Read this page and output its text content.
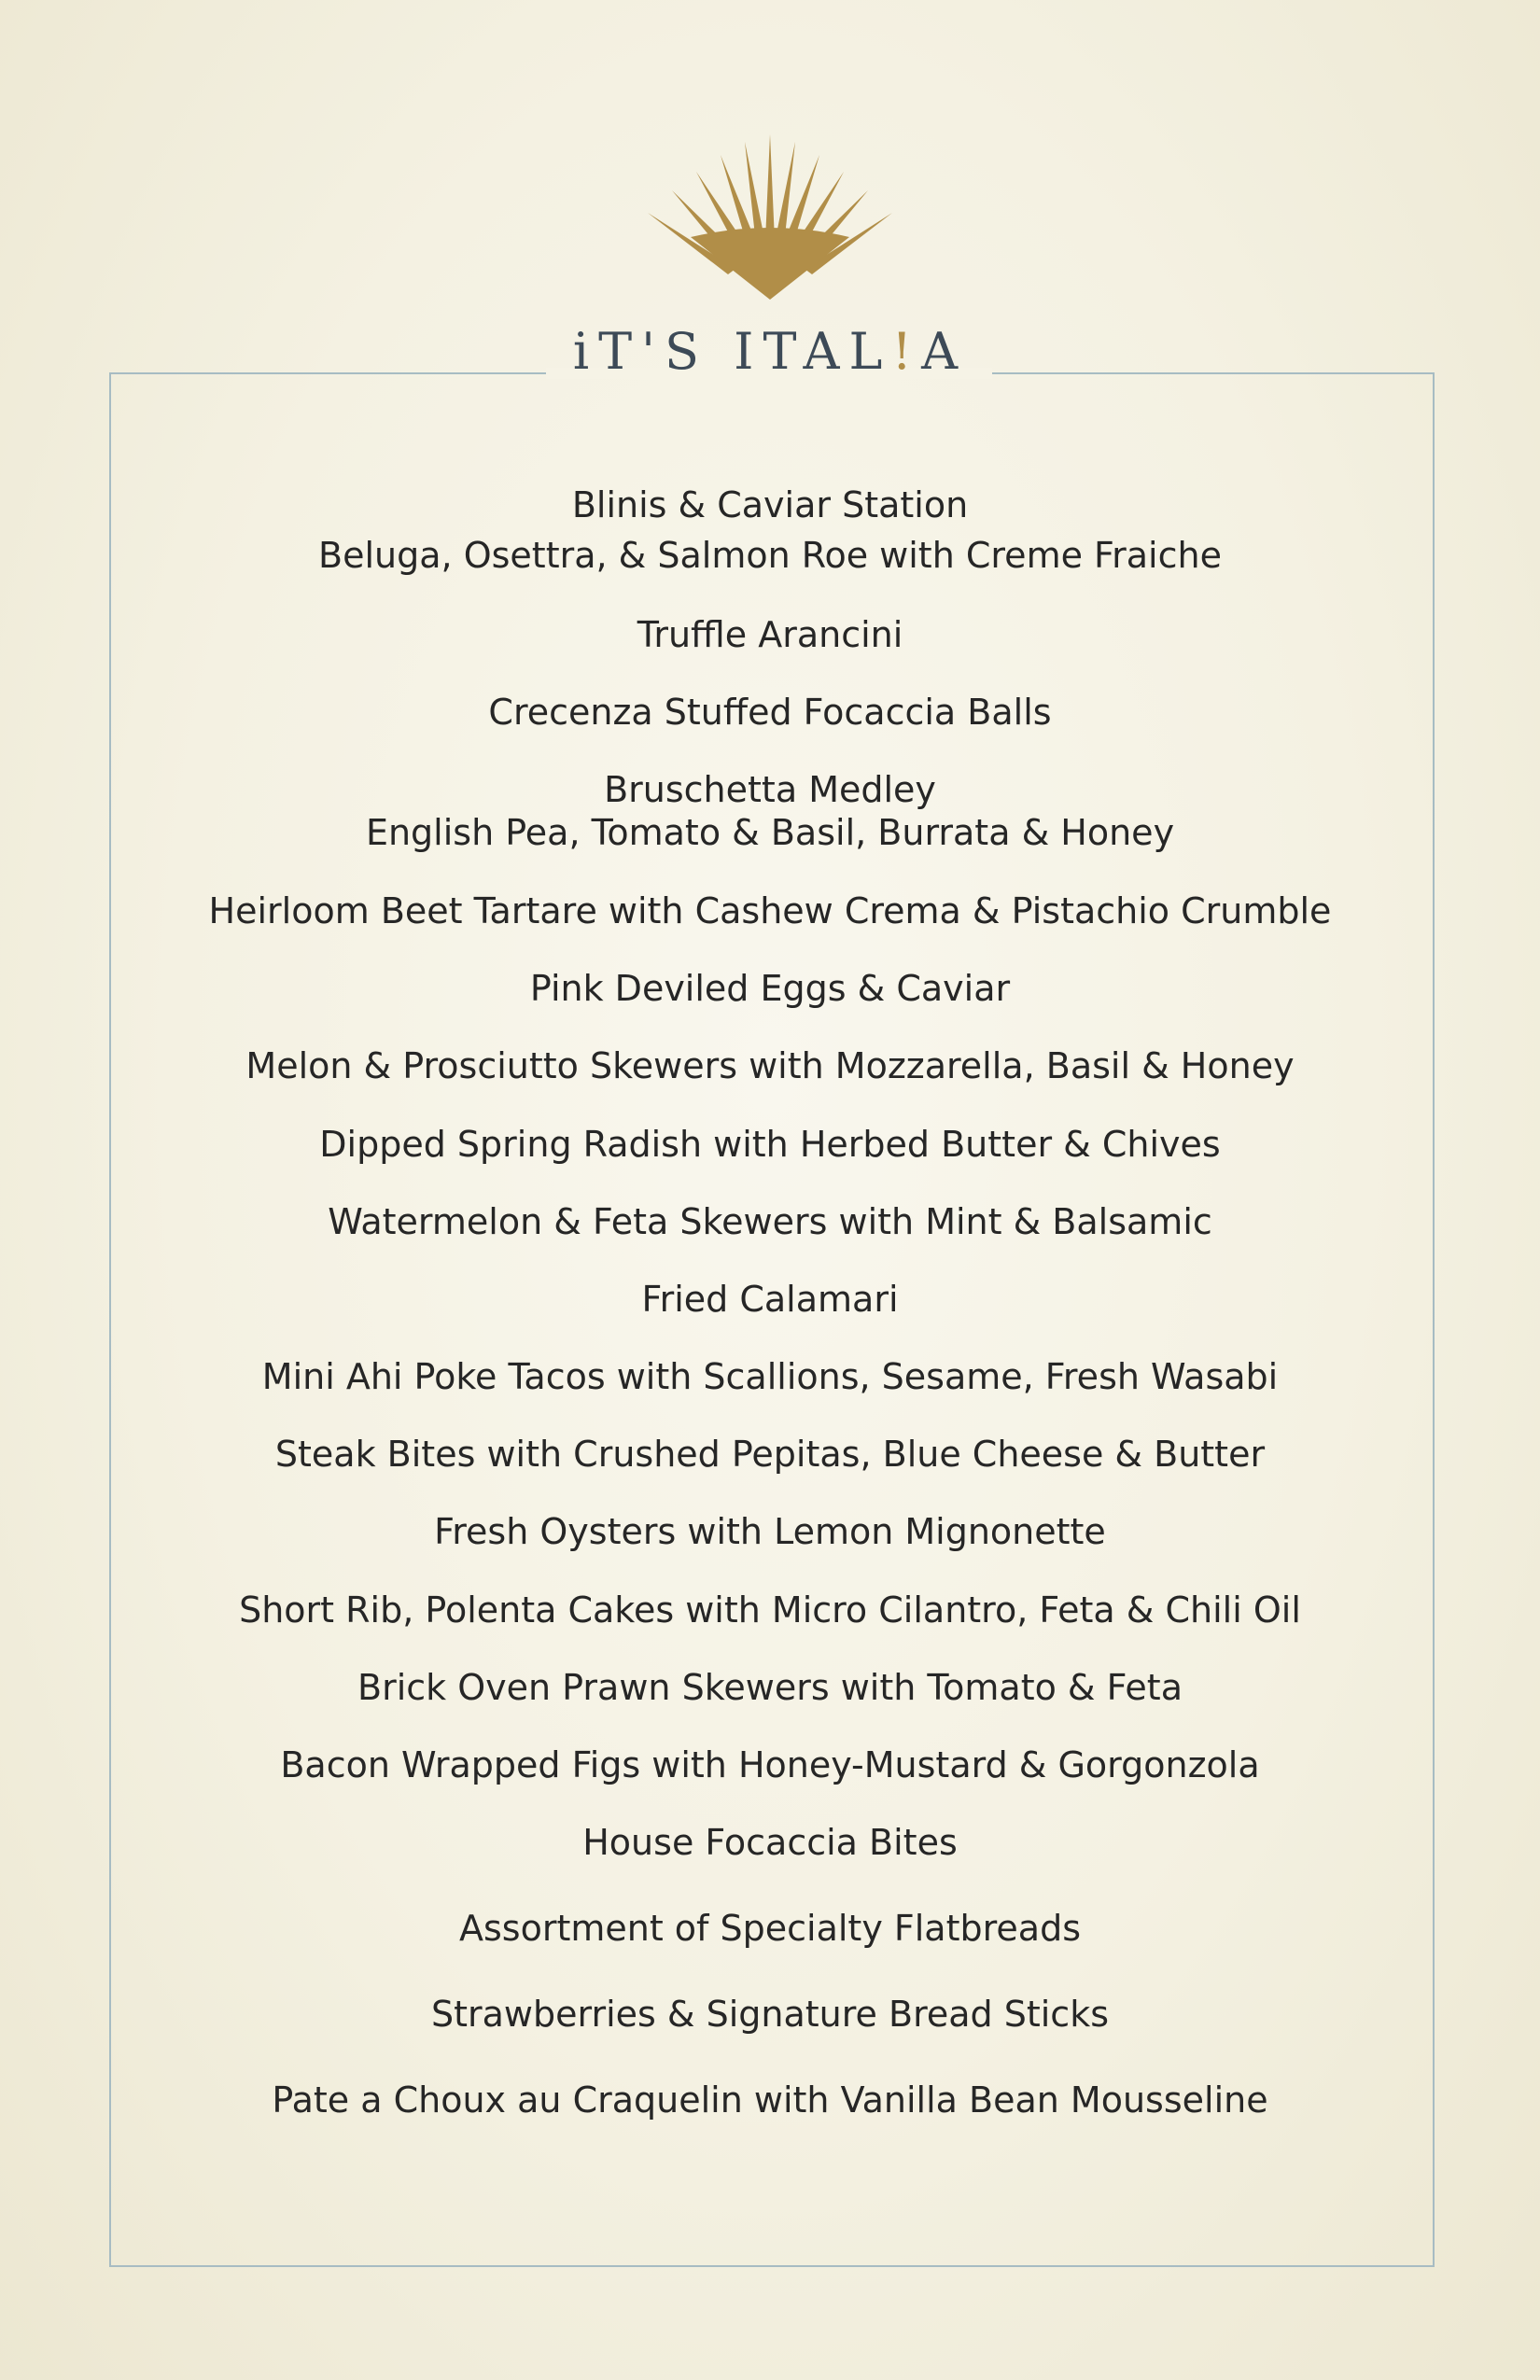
iT'S ITAL!A
Blinis & Caviar Station
Beluga, Osettra, & Salmon Roe with Creme Fraiche
Truffle Arancini
Crecenza Stuffed Focaccia Balls
Bruschetta Medley
English Pea, Tomato & Basil, Burrata & Honey
Heirloom Beet Tartare with Cashew Crema & Pistachio Crumble
Pink Deviled Eggs & Caviar
Melon & Prosciutto Skewers with Mozzarella, Basil & Honey
Dipped Spring Radish with Herbed Butter & Chives
Watermelon & Feta Skewers with Mint & Balsamic
Fried Calamari
Mini Ahi Poke Tacos with Scallions, Sesame, Fresh Wasabi
Steak Bites with Crushed Pepitas, Blue Cheese & Butter
Fresh Oysters with Lemon Mignonette
Short Rib, Polenta Cakes with Micro Cilantro, Feta & Chili Oil
Brick Oven Prawn Skewers with Tomato & Feta
Bacon Wrapped Figs with Honey-Mustard & Gorgonzola
House Focaccia Bites
Assortment of Specialty Flatbreads
Strawberries & Signature Bread Sticks
Pate a Choux au Craquelin with Vanilla Bean Mousseline
